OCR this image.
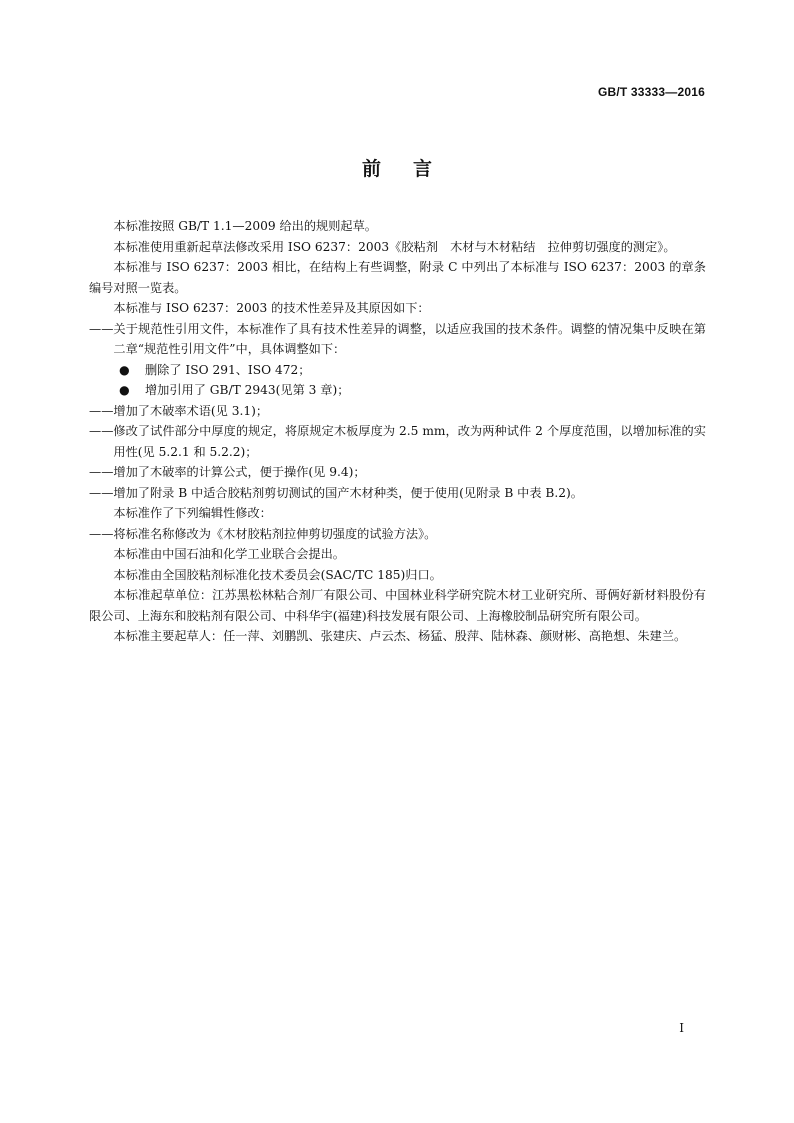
GB/T 33333—2016
前言

本标准按照 GB/T 1.1—2009 给出的规则起草。

本标准使用重新起草法修改采用 ISO 6237：2003《胶粘剂　木材与木材粘结　拉伸剪切强度的测定》。

本标准与 ISO 6237：2003 相比，在结构上有些调整，附录 C 中列出了本标准与 ISO 6237：2003 的章条编号对照一览表。

本标准与 ISO 6237：2003 的技术性差异及其原因如下：

—— 关于规范性引用文件，本标准作了具有技术性差异的调整，以适应我国的技术条件。调整的情况集中反映在第二章“规范性引用文件”中，具体调整如下：
● 删除了 ISO 291、ISO 472；
● 增加引用了 GB/T 2943(见第 3 章)；
—— 增加了木破率术语(见 3.1)；
—— 修改了试件部分中厚度的规定，将原规定木板厚度为 2.5 mm，改为两种试件 2 个厚度范围，以增加标准的实用性(见 5.2.1 和 5.2.2)；
—— 增加了木破率的计算公式，便于操作(见 9.4)；
—— 增加了附录 B 中适合胶粘剂剪切测试的国产木材种类，便于使用(见附录 B 中表 B.2)。

本标准作了下列编辑性修改：

—— 将标准名称修改为《木材胶粘剂拉伸剪切强度的试验方法》。

本标准由中国石油和化学工业联合会提出。

本标准由全国胶粘剂标准化技术委员会(SAC/TC 185)归口。

本标准起草单位：江苏黑松林粘合剂厂有限公司、中国林业科学研究院木材工业研究所、哥俩好新材料股份有限公司、上海东和胶粘剂有限公司、中科华宇(福建)科技发展有限公司、上海橡胶制品研究所有限公司。

本标准主要起草人：任一萍、刘鹏凯、张建庆、卢云杰、杨猛、殷萍、陆林森、颜财彬、高艳想、朱建兰。

I
